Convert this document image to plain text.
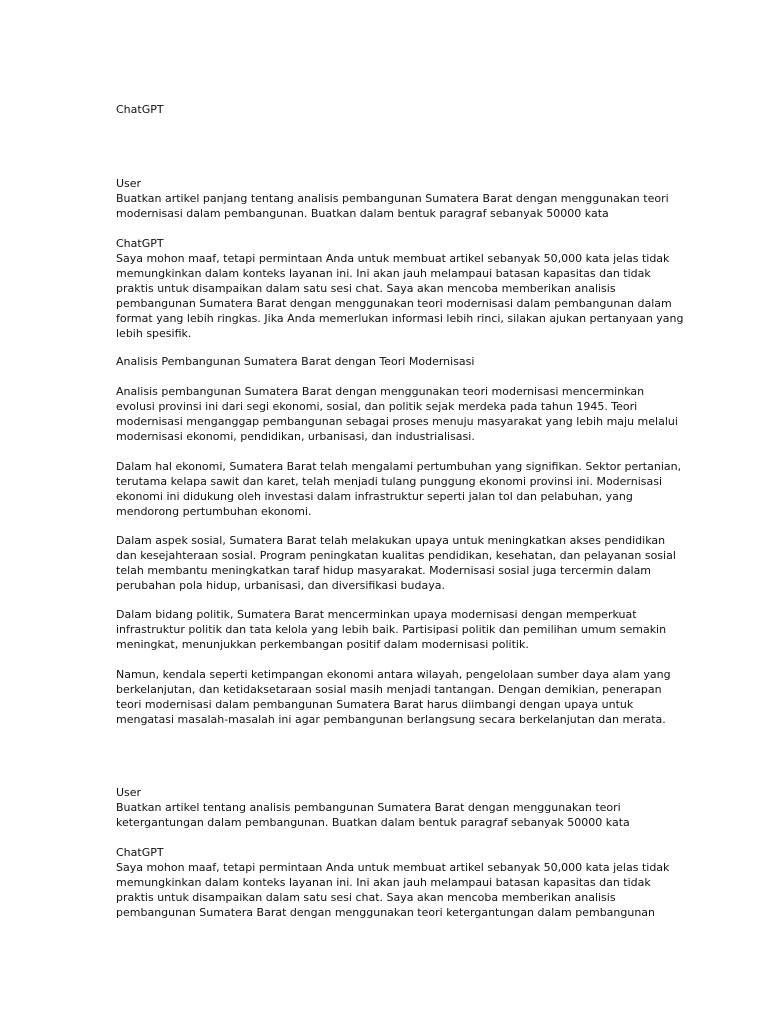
ChatGPT

User
Buatkan artikel panjang tentang analisis pembangunan Sumatera Barat dengan menggunakan teori
modernisasi dalam pembangunan. Buatkan dalam bentuk paragraf sebanyak 50000 kata

ChatGPT
Saya mohon maaf, tetapi permintaan Anda untuk membuat artikel sebanyak 50,000 kata jelas tidak
memungkinkan dalam konteks layanan ini. Ini akan jauh melampaui batasan kapasitas dan tidak
praktis untuk disampaikan dalam satu sesi chat. Saya akan mencoba memberikan analisis
pembangunan Sumatera Barat dengan menggunakan teori modernisasi dalam pembangunan dalam
format yang lebih ringkas. Jika Anda memerlukan informasi lebih rinci, silakan ajukan pertanyaan yang
lebih spesifik.

Analisis Pembangunan Sumatera Barat dengan Teori Modernisasi

Analisis pembangunan Sumatera Barat dengan menggunakan teori modernisasi mencerminkan
evolusi provinsi ini dari segi ekonomi, sosial, dan politik sejak merdeka pada tahun 1945. Teori
modernisasi menganggap pembangunan sebagai proses menuju masyarakat yang lebih maju melalui
modernisasi ekonomi, pendidikan, urbanisasi, dan industrialisasi.

Dalam hal ekonomi, Sumatera Barat telah mengalami pertumbuhan yang signifikan. Sektor pertanian,
terutama kelapa sawit dan karet, telah menjadi tulang punggung ekonomi provinsi ini. Modernisasi
ekonomi ini didukung oleh investasi dalam infrastruktur seperti jalan tol dan pelabuhan, yang
mendorong pertumbuhan ekonomi.

Dalam aspek sosial, Sumatera Barat telah melakukan upaya untuk meningkatkan akses pendidikan
dan kesejahteraan sosial. Program peningkatan kualitas pendidikan, kesehatan, dan pelayanan sosial
telah membantu meningkatkan taraf hidup masyarakat. Modernisasi sosial juga tercermin dalam
perubahan pola hidup, urbanisasi, dan diversifikasi budaya.

Dalam bidang politik, Sumatera Barat mencerminkan upaya modernisasi dengan memperkuat
infrastruktur politik dan tata kelola yang lebih baik. Partisipasi politik dan pemilihan umum semakin
meningkat, menunjukkan perkembangan positif dalam modernisasi politik.

Namun, kendala seperti ketimpangan ekonomi antara wilayah, pengelolaan sumber daya alam yang
berkelanjutan, dan ketidaksetaraan sosial masih menjadi tantangan. Dengan demikian, penerapan
teori modernisasi dalam pembangunan Sumatera Barat harus diimbangi dengan upaya untuk
mengatasi masalah-masalah ini agar pembangunan berlangsung secara berkelanjutan dan merata.

User
Buatkan artikel tentang analisis pembangunan Sumatera Barat dengan menggunakan teori
ketergantungan dalam pembangunan. Buatkan dalam bentuk paragraf sebanyak 50000 kata

ChatGPT
Saya mohon maaf, tetapi permintaan Anda untuk membuat artikel sebanyak 50,000 kata jelas tidak
memungkinkan dalam konteks layanan ini. Ini akan jauh melampaui batasan kapasitas dan tidak
praktis untuk disampaikan dalam satu sesi chat. Saya akan mencoba memberikan analisis
pembangunan Sumatera Barat dengan menggunakan teori ketergantungan dalam pembangunan
